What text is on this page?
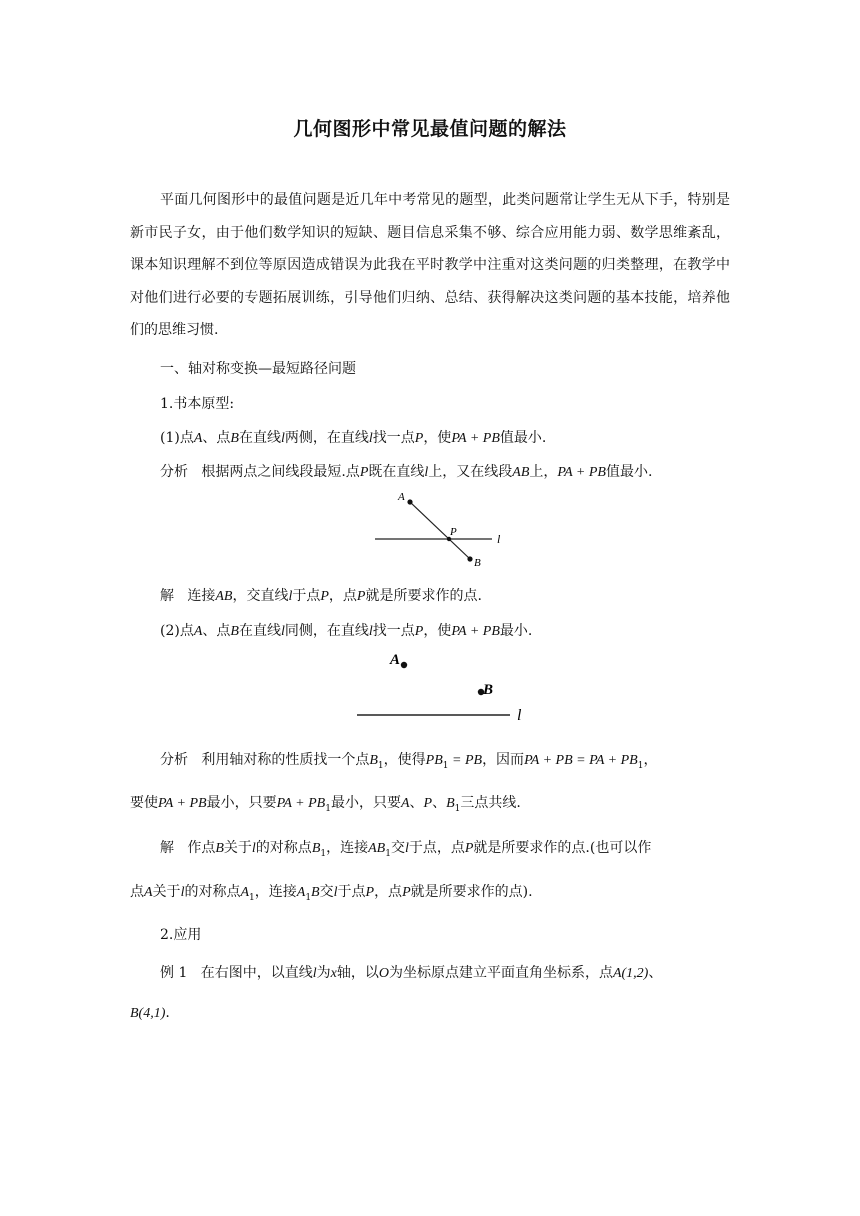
几何图形中常见最值问题的解法
平面几何图形中的最值问题是近几年中考常见的题型，此类问题常让学生无从下手，特别是新市民子女，由于他们数学知识的短缺、题目信息采集不够、综合应用能力弱、数学思维紊乱，课本知识理解不到位等原因造成错误为此我在平时教学中注重对这类问题的归类整理，在教学中对他们进行必要的专题拓展训练，引导他们归纳、总结、获得解决这类问题的基本技能，培养他们的思维习惯.
一、轴对称变换—最短路径问题
1.书本原型:
(1)点A、点B在直线l两侧，在直线l找一点P，使PA + PB值最小.
分析 根据两点之间线段最短.点P既在直线l上，又在线段AB上，PA + PB值最小.
A
B
P	l
解 连接AB，交直线l于点P，点P就是所要求作的点.
(2)点A、点B在直线l同侧，在直线l找一点P，使PA + PB最小.
A
B
l
分析 利用轴对称的性质找一个点$B_1$，使得$PB_1$ = PB，因而PA + PB = PA + $PB_1$，
要使PA + PB最小，只要PA + $PB_1$最小，只要A、P、$B_1$三点共线.
解 作点B关于l的对称点$B_1$，连接$AB_1$交l于点，点P就是所要求作的点.(也可以作
点A关于l的对称点$A_1$，连接$A_1B$交l于点P，点P就是所要求作的点).
2.应用
例 1 在右图中，以直线l为x轴，以O为坐标原点建立平面直角坐标系，点A(1,2)、
B(4,1).
